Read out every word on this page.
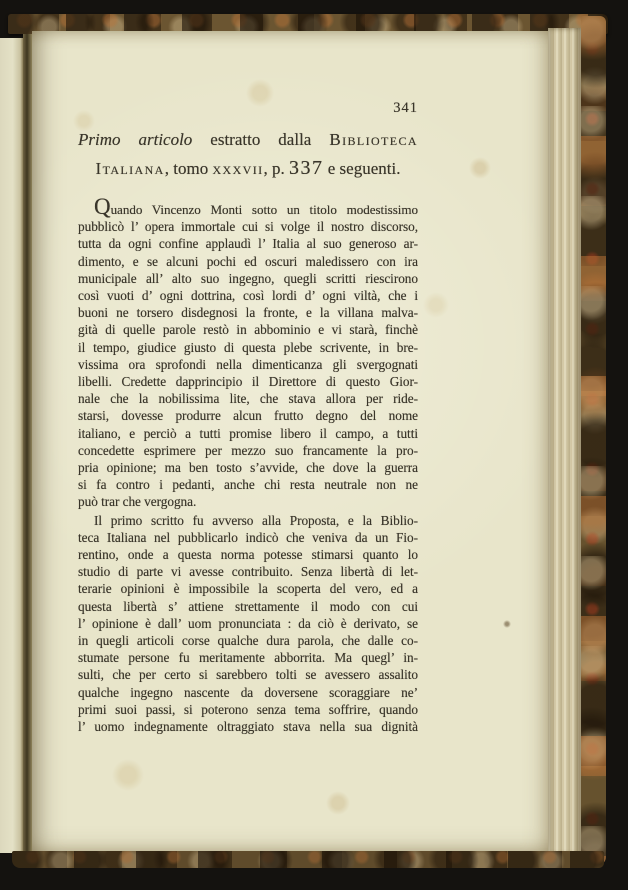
341
Primo articolo estratto dalla Biblioteca
Italiana, tomo xxxvii, p. 337 e seguenti.
Quando Vincenzo Monti sotto un titolo modestissimo
pubblicò l’ opera immortale cui si volge il nostro discorso,
tutta da ogni confine applaudì l’ Italia al suo generoso ar-
dimento, e se alcuni pochi ed oscuri maledissero con ira
municipale all’ alto suo ingegno, quegli scritti riescirono
così vuoti d’ ogni dottrina, così lordi d’ ogni viltà, che i
buoni ne torsero disdegnosi la fronte, e la villana malva-
gità di quelle parole restò in abbominio e vi starà, finchè
il tempo, giudice giusto di questa plebe scrivente, in bre-
vissima ora sprofondi nella dimenticanza gli svergognati
libelli. Credette dapprincipio il Direttore di questo Gior-
nale che la nobilissima lite, che stava allora per ride-
starsi, dovesse produrre alcun frutto degno del nome
italiano, e perciò a tutti promise libero il campo, a tutti
concedette esprimere per mezzo suo francamente la pro-
pria opinione; ma ben tosto s’avvide, che dove la guerra
si fa contro i pedanti, anche chi resta neutrale non ne
può trar che vergogna.
Il primo scritto fu avverso alla Proposta, e la Biblio-
teca Italiana nel pubblicarlo indicò che veniva da un Fio-
rentino, onde a questa norma potesse stimarsi quanto lo
studio di parte vi avesse contribuito. Senza libertà di let-
terarie opinioni è impossibile la scoperta del vero, ed a
questa libertà s’ attiene strettamente il modo con cui
l’ opinione è dall’ uom pronunciata : da ciò è derivato, se
in quegli articoli corse qualche dura parola, che dalle co-
stumate persone fu meritamente abborrita. Ma quegl’ in-
sulti, che per certo si sarebbero tolti se avessero assalito
qualche ingegno nascente da doversene scoraggiare ne’
primi suoi passi, si poterono senza tema soffrire, quando
l’ uomo indegnamente oltraggiato stava nella sua dignità
